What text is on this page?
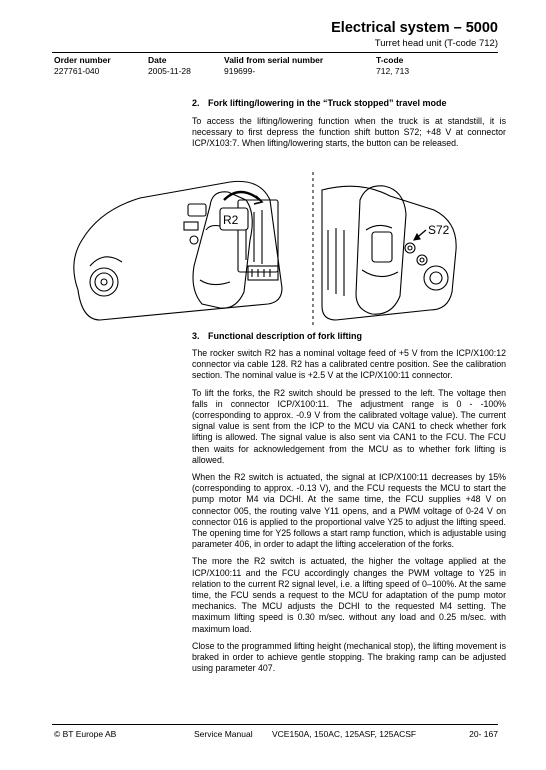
Electrical system – 5000
Turret head unit (T-code 712)
Order number
227761-040
Date
2005-11-28
Valid from serial number
919699-
T-code
712, 713
2. Fork lifting/lowering in the “Truck stopped” travel mode

To access the lifting/lowering function when the truck is at standstill, it is necessary to first depress the function shift button S72; +48 V at connector ICP/X103:7. When lifting/lowering starts, the button can be released.

R2
S72
3. Functional description of fork lifting

The rocker switch R2 has a nominal voltage feed of +5 V from the ICP/X100:12 connector via cable 128. R2 has a calibrated centre position. See the calibration section. The nominal value is +2.5 V at the ICP/X100:11 connector.

To lift the forks, the R2 switch should be pressed to the left. The voltage then falls in connector ICP/X100:11. The adjustment range is 0 - -100% (corresponding to approx. -0.9 V from the calibrated voltage value). The current signal value is sent from the ICP to the MCU via CAN1 to check whether fork lifting is allowed. The signal value is also sent via CAN1 to the FCU. The FCU then waits for acknowledgement from the MCU as to whether fork lifting is allowed.

When the R2 switch is actuated, the signal at ICP/X100:11 decreases by 15% (corresponding to approx. -0.13 V), and the FCU requests the MCU to start the pump motor M4 via DCHI. At the same time, the FCU supplies +48 V on connector 005, the routing valve Y11 opens, and a PWM voltage of 0-24 V on connector 016 is applied to the proportional valve Y25 to adjust the lifting speed. The opening time for Y25 follows a start ramp function, which is adjustable using parameter 406, in order to adapt the lifting acceleration of the forks.

The more the R2 switch is actuated, the higher the voltage applied at the ICP/X100:11 and the FCU accordingly changes the PWM voltage to Y25 in relation to the current R2 signal level, i.e. a lifting speed of 0–100%. At the same time, the FCU sends a request to the MCU for adaptation of the pump motor mechanics. The MCU adjusts the DCHI to the requested M4 setting. The maximum lifting speed is 0.30 m/sec. without any load and 0.25 m/sec. with maximum load.

Close to the programmed lifting height (mechanical stop), the lifting movement is braked in order to achieve gentle stopping. The braking ramp can be adjusted using parameter 407.

© BT Europe AB	Service Manual VCE150A, 150AC, 125ASF, 125ACSF	20- 167
